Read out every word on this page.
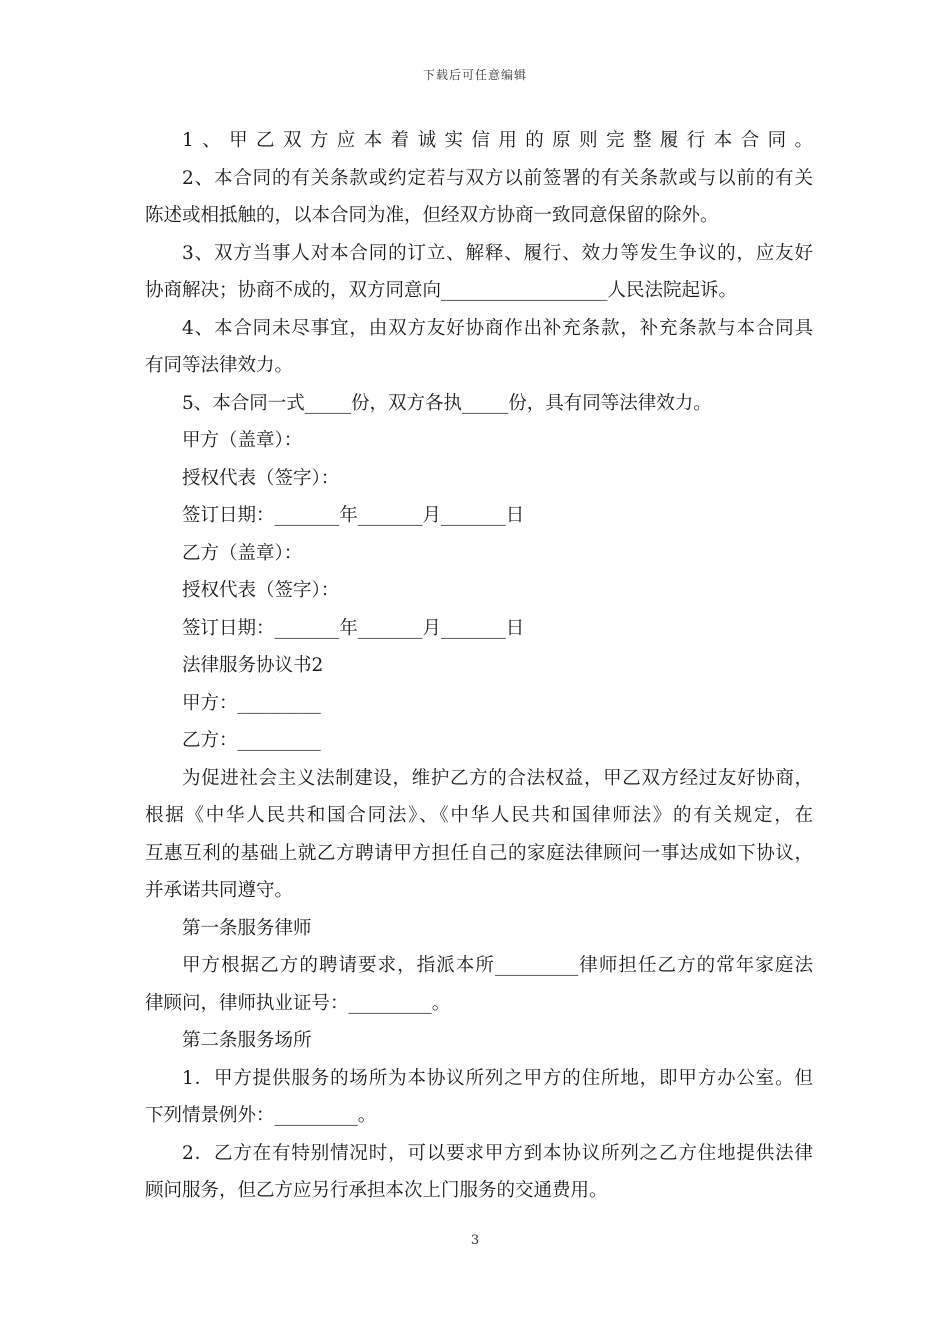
下载后可任意编辑

1、甲乙双方应本着诚实信用的原则完整履行本合同。

2、本合同的有关条款或约定若与双方以前签署的有关条款或与以前的有关

陈述或相抵触的，以本合同为准，但经双方协商一致同意保留的除外。

3、双方当事人对本合同的订立、解释、履行、效力等发生争议的，应友好

协商解决；协商不成的，双方同意向__________________人民法院起诉。

4、本合同未尽事宜，由双方友好协商作出补充条款，补充条款与本合同具

有同等法律效力。

5、本合同一式_____份，双方各执_____份，具有同等法律效力。

甲方（盖章）：

授权代表（签字）：

签订日期：_______年_______月_______日

乙方（盖章）：

授权代表（签字）：

签订日期：_______年_______月_______日

法律服务协议书2

甲方：_________

乙方：_________

为促进社会主义法制建设，维护乙方的合法权益，甲乙双方经过友好协商，

根据《中华人民共和国合同法》、《中华人民共和国律师法》的有关规定，在

互惠互利的基础上就乙方聘请甲方担任自己的家庭法律顾问一事达成如下协议，

并承诺共同遵守。

第一条服务律师

甲方根据乙方的聘请要求，指派本所_________律师担任乙方的常年家庭法

律顾问，律师执业证号：_________。

第二条服务场所

1．甲方提供服务的场所为本协议所列之甲方的住所地，即甲方办公室。但

下列情景例外：_________。

2．乙方在有特别情况时，可以要求甲方到本协议所列之乙方住地提供法律

顾问服务，但乙方应另行承担本次上门服务的交通费用。

3
